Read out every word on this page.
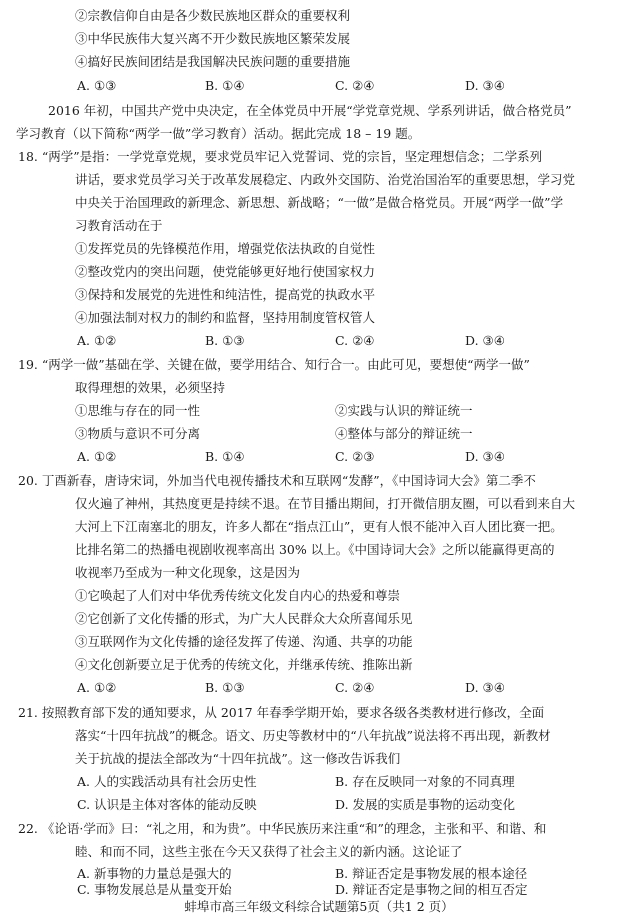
②宗教信仰自由是各少数民族地区群众的重要权利
③中华民族伟大复兴离不开少数民族地区繁荣发展
④搞好民族间团结是我国解决民族问题的重要措施
A. ①③	B. ①④	C. ②④	D. ③④
2016 年初，中国共产党中央决定，在全体党员中开展“学党章党规、学系列讲话，做合格党员”
学习教育（以下简称“两学一做”学习教育）活动。据此完成 18 – 19 题。
18. “两学”是指：一学党章党规，要求党员牢记入党誓词、党的宗旨，坚定理想信念；二学系列
讲话，要求党员学习关于改革发展稳定、内政外交国防、治党治国治军的重要思想，学习党
中央关于治国理政的新理念、新思想、新战略；“一做”是做合格党员。开展“两学一做”学
习教育活动在于
①发挥党员的先锋模范作用，增强党依法执政的自觉性
②整改党内的突出问题，使党能够更好地行使国家权力
③保持和发展党的先进性和纯洁性，提高党的执政水平
④加强法制对权力的制约和监督，坚持用制度管权管人
A. ①②	B. ①③	C. ②④	D. ③④
19. “两学一做”基础在学、关键在做，要学用结合、知行合一。由此可见，要想使“两学一做”
取得理想的效果，必须坚持
①思维与存在的同一性	②实践与认识的辩证统一
③物质与意识不可分离	④整体与部分的辩证统一
A. ①②	B. ①④	C. ②③	D. ③④
20. 丁酉新春，唐诗宋词，外加当代电视传播技术和互联网“发酵”，《中国诗词大会》第二季不
仅火遍了神州，其热度更是持续不退。在节目播出期间，打开微信朋友圈，可以看到来自大
大河上下江南塞北的朋友，许多人都在“指点江山”，更有人恨不能冲入百人团比赛一把。
比排名第二的热播电视剧收视率高出 30% 以上。《中国诗词大会》之所以能赢得更高的
收视率乃至成为一种文化现象，这是因为
①它唤起了人们对中华优秀传统文化发自内心的热爱和尊崇
②它创新了文化传播的形式，为广大人民群众大众所喜闻乐见
③互联网作为文化传播的途径发挥了传递、沟通、共享的功能
④文化创新要立足于优秀的传统文化，并继承传统、推陈出新
A. ①②	B. ①③	C. ②④	D. ③④
21. 按照教育部下发的通知要求，从 2017 年春季学期开始，要求各级各类教材进行修改，全面
落实“十四年抗战”的概念。语文、历史等教材中的“八年抗战”说法将不再出现，新教材
关于抗战的提法全部改为“十四年抗战”。这一修改告诉我们
A. 人的实践活动具有社会历史性	B. 存在反映同一对象的不同真理
C. 认识是主体对客体的能动反映	D. 发展的实质是事物的运动变化
22. 《论语·学而》曰：“礼之用，和为贵”。中华民族历来注重“和”的理念，主张和平、和谐、和
睦、和而不同，这些主张在今天又获得了社会主义的新内涵。这论证了
A. 新事物的力量总是强大的	B. 辩证否定是事物发展的根本途径
C. 事物发展总是从量变开始	D. 辩证否定是事物之间的相互否定
蚌埠市高三年级文科综合试题第5页（共1 2 页）
